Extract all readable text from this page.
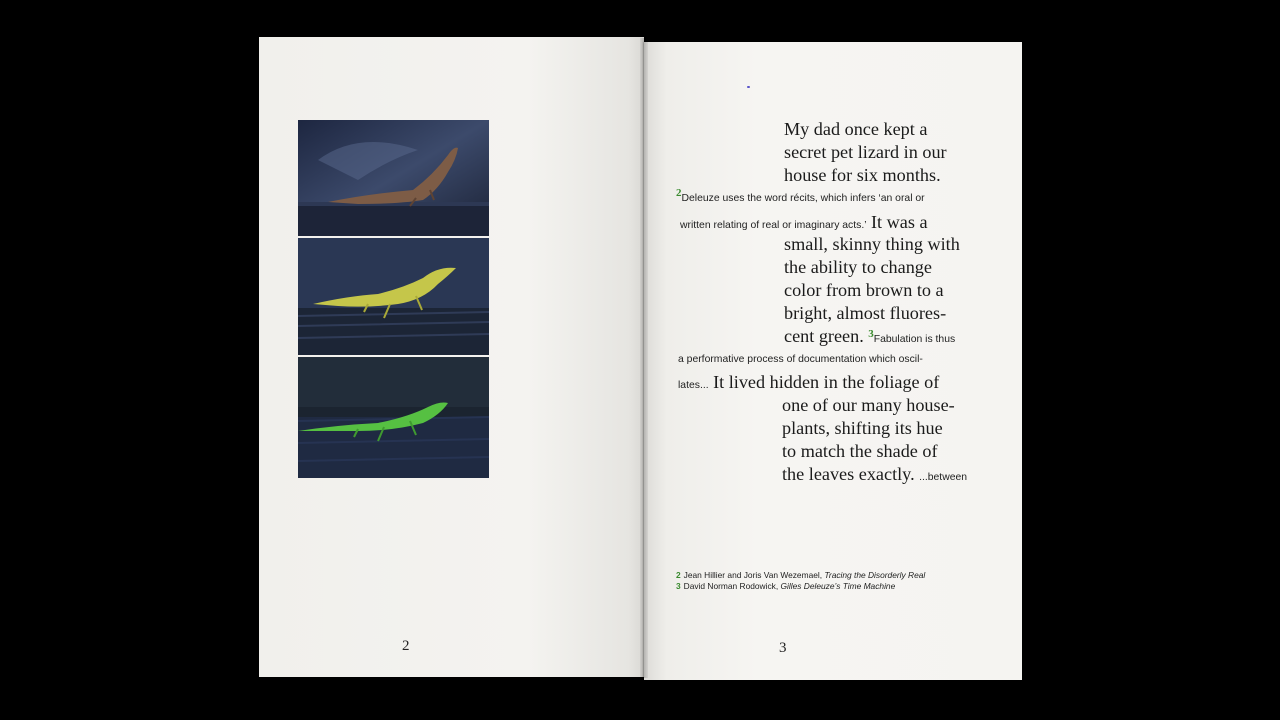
My dad once kept a
secret pet lizard in our
house for six months.
$^2$Deleuze uses the word récits, which infers ‘an oral or
written relating of real or imaginary acts.’ It was a
small, skinny thing with
the ability to change
color from brown to a
bright, almost fluores-
cent green. $^3$Fabulation is thus
a performative process of documentation which oscil-
lates... It lived hidden in the foliage of
one of our many house-
plants, shifting its hue
to match the shade of
the leaves exactly. ...between
2 Jean Hillier and Joris Van Wezemael, Tracing the Disorderly Real
3 David Norman Rodowick, Gilles Deleuze’s Time Machine
2	3
